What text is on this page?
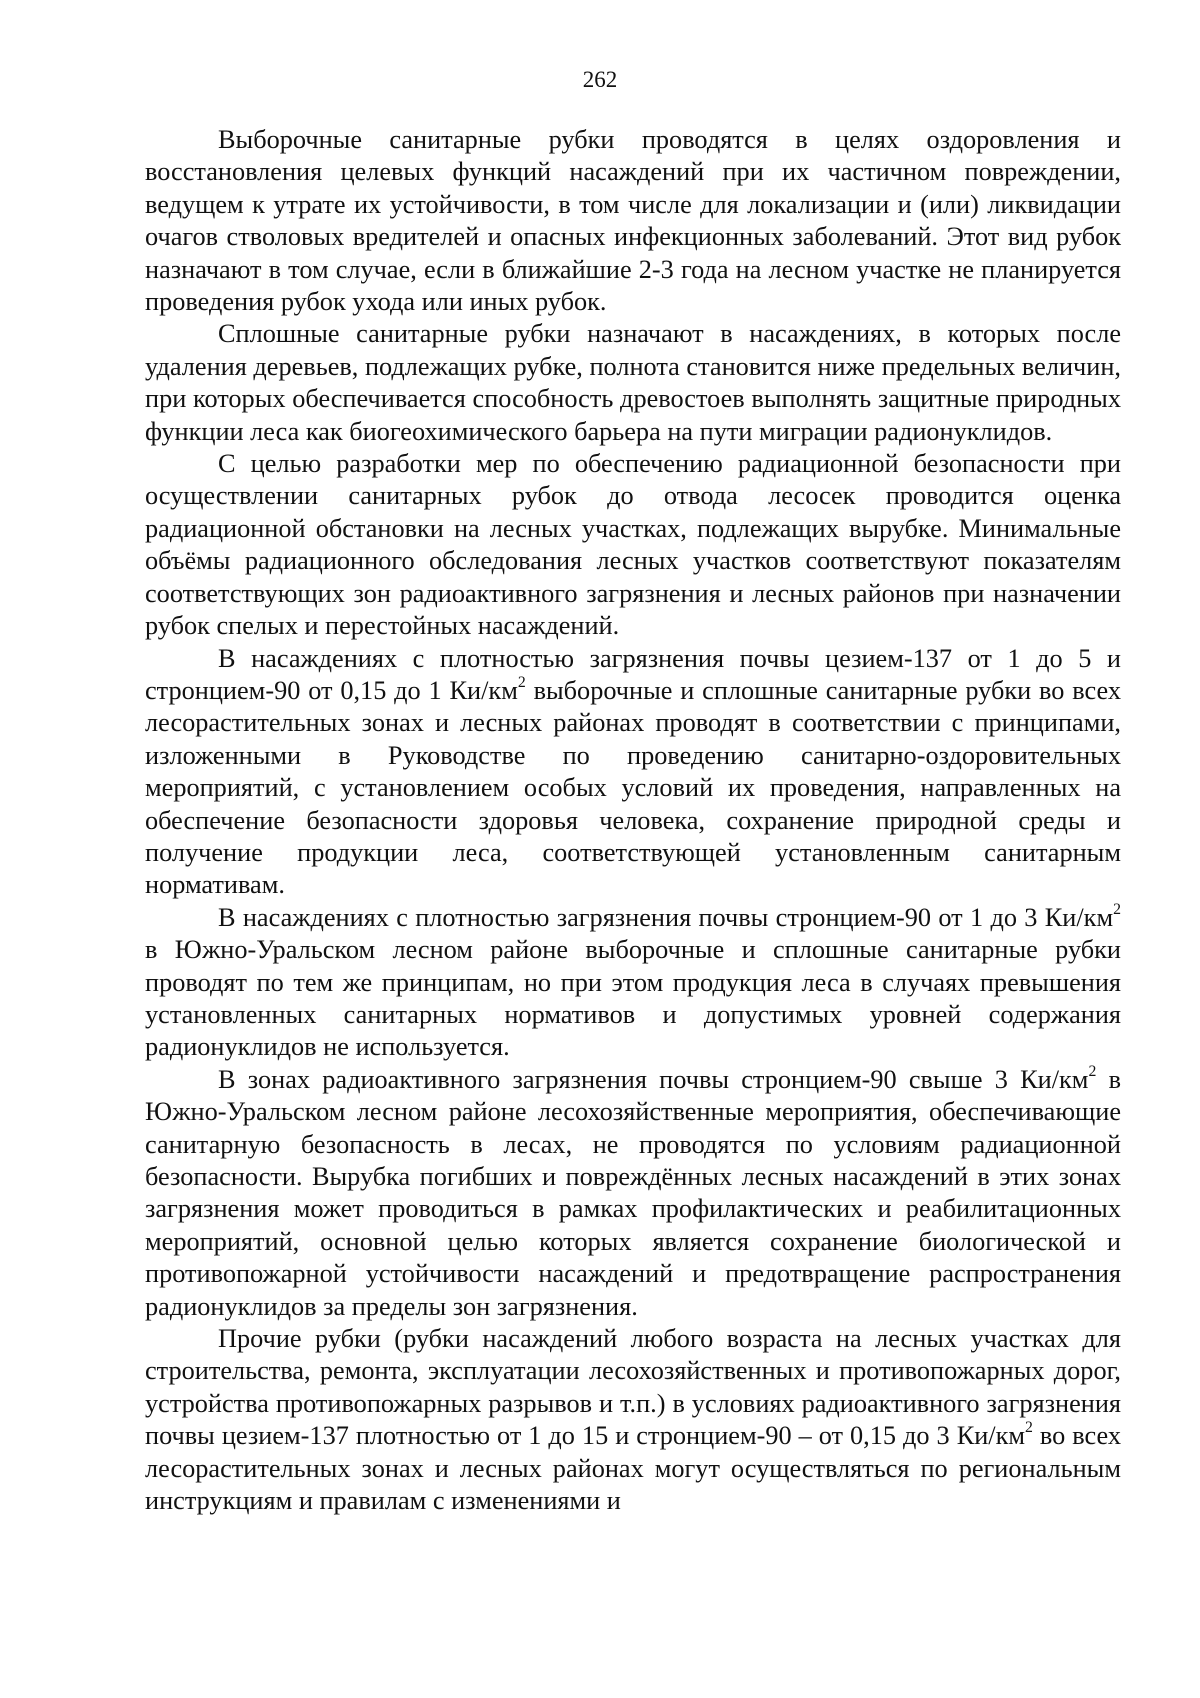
262

Выборочные санитарные рубки проводятся в целях оздоровления и восстановления целевых функций насаждений при их частичном повреждении, ведущем к утрате их устойчивости, в том числе для локализации и (или) ликвидации очагов стволовых вредителей и опасных инфекционных заболеваний. Этот вид рубок назначают в том случае, если в ближайшие 2-3 года на лесном участке не планируется проведения рубок ухода или иных рубок.

Сплошные санитарные рубки назначают в насаждениях, в которых после удаления деревьев, подлежащих рубке, полнота становится ниже предельных величин, при которых обеспечивается способность древостоев выполнять защитные природных функции леса как биогеохимического барьера на пути миграции радионуклидов.

С целью разработки мер по обеспечению радиационной безопасности при осуществлении санитарных рубок до отвода лесосек проводится оценка радиационной обстановки на лесных участках, подлежащих вырубке. Минимальные объёмы радиационного обследования лесных участков соответствуют показателям соответствующих зон радиоактивного загрязнения и лесных районов при назначении рубок спелых и перестойных насаждений.

В насаждениях с плотностью загрязнения почвы цезием-137 от 1 до 5 и стронцием-90 от 0,15 до 1 $Ки/км^2$ выборочные и сплошные санитарные рубки во всех лесорастительных зонах и лесных районах проводят в соответствии с принципами, изложенными в Руководстве по проведению санитарно-оздоровительных мероприятий, с установлением особых условий их проведения, направленных на обеспечение безопасности здоровья человека, сохранение природной среды и получение продукции леса, соответствующей установленным санитарным нормативам.

В насаждениях с плотностью загрязнения почвы стронцием-90 от 1 до 3 $Ки/км^2$ в Южно-Уральском лесном районе выборочные и сплошные санитарные рубки проводят по тем же принципам, но при этом продукция леса в случаях превышения установленных санитарных нормативов и допустимых уровней содержания радионуклидов не используется.

В зонах радиоактивного загрязнения почвы стронцием-90 свыше 3 $Ки/км^2$ в Южно-Уральском лесном районе лесохозяйственные мероприятия, обеспечивающие санитарную безопасность в лесах, не проводятся по условиям радиационной безопасности. Вырубка погибших и повреждённых лесных насаждений в этих зонах загрязнения может проводиться в рамках профилактических и реабилитационных мероприятий, основной целью которых является сохранение биологической и противопожарной устойчивости насаждений и предотвращение распространения радионуклидов за пределы зон загрязнения.

Прочие рубки (рубки насаждений любого возраста на лесных участках для строительства, ремонта, эксплуатации лесохозяйственных и противопожарных дорог, устройства противопожарных разрывов и т.п.) в условиях радиоактивного загрязнения почвы цезием-137 плотностью от 1 до 15 и стронцием-90 – от 0,15 до 3 $Ки/км^2$ во всех лесорастительных зонах и лесных районах могут осуществляться по региональным инструкциям и правилам с изменениями и
